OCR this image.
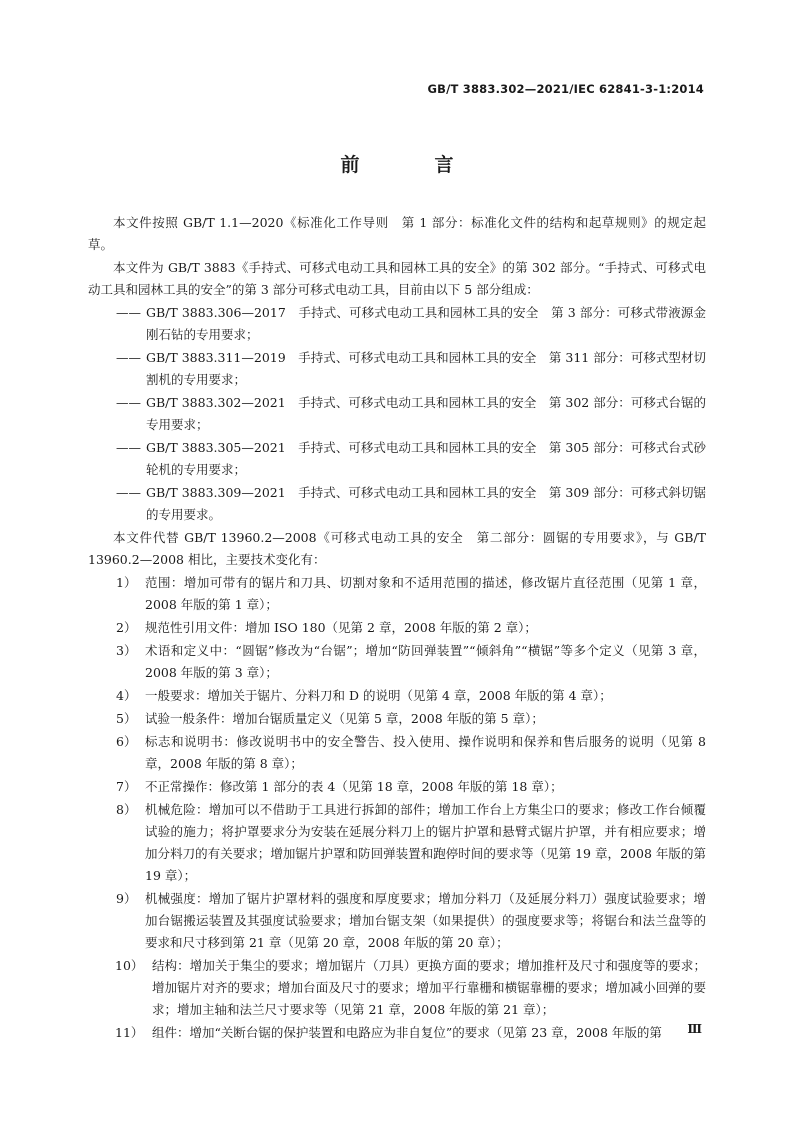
GB/T 3883.302—2021/IEC 62841-3-1:2014
前　言

本文件按照 GB/T 1.1—2020《标准化工作导则　第 1 部分：标准化文件的结构和起草规则》的规定起草。

本文件为 GB/T 3883《手持式、可移式电动工具和园林工具的安全》的第 302 部分。“手持式、可移式电动工具和园林工具的安全”的第 3 部分可移式电动工具，目前由以下 5 部分组成：

—— GB/T 3883.306—2017　手持式、可移式电动工具和园林工具的安全　第 3 部分：可移式带液源金刚石钻的专用要求；

—— GB/T 3883.311—2019　手持式、可移式电动工具和园林工具的安全　第 311 部分：可移式型材切割机的专用要求；

—— GB/T 3883.302—2021　手持式、可移式电动工具和园林工具的安全　第 302 部分：可移式台锯的专用要求；

—— GB/T 3883.305—2021　手持式、可移式电动工具和园林工具的安全　第 305 部分：可移式台式砂轮机的专用要求；

—— GB/T 3883.309—2021　手持式、可移式电动工具和园林工具的安全　第 309 部分：可移式斜切锯的专用要求。

本文件代替 GB/T 13960.2—2008《可移式电动工具的安全　第二部分：圆锯的专用要求》，与 GB/T 13960.2—2008 相比，主要技术变化有：

1） 范围：增加可带有的锯片和刀具、切割对象和不适用范围的描述，修改锯片直径范围（见第 1 章，2008 年版的第 1 章）；

2） 规范性引用文件：增加 ISO 180（见第 2 章，2008 年版的第 2 章）；

3） 术语和定义中：“圆锯”修改为“台锯”；增加“防回弹装置”“倾斜角”“横锯”等多个定义（见第 3 章，2008 年版的第 3 章）；

4） 一般要求：增加关于锯片、分料刀和 D 的说明（见第 4 章，2008 年版的第 4 章）；

5） 试验一般条件：增加台锯质量定义（见第 5 章，2008 年版的第 5 章）；

6） 标志和说明书：修改说明书中的安全警告、投入使用、操作说明和保养和售后服务的说明（见第 8 章，2008 年版的第 8 章）；

7） 不正常操作：修改第 1 部分的表 4（见第 18 章，2008 年版的第 18 章）；

8） 机械危险：增加可以不借助于工具进行拆卸的部件；增加工作台上方集尘口的要求；修改工作台倾覆试验的施力；将护罩要求分为安装在延展分料刀上的锯片护罩和悬臂式锯片护罩，并有相应要求；增加分料刀的有关要求；增加锯片护罩和防回弹装置和跑停时间的要求等（见第 19 章，2008 年版的第 19 章）；

9） 机械强度：增加了锯片护罩材料的强度和厚度要求；增加分料刀（及延展分料刀）强度试验要求；增加台锯搬运装置及其强度试验要求；增加台锯支架（如果提供）的强度要求等；将锯台和法兰盘等的要求和尺寸移到第 21 章（见第 20 章，2008 年版的第 20 章）；

10） 结构：增加关于集尘的要求；增加锯片（刀具）更换方面的要求；增加推杆及尺寸和强度等的要求；增加锯片对齐的要求；增加台面及尺寸的要求；增加平行靠栅和横锯靠栅的要求；增加减小回弹的要求；增加主轴和法兰尺寸要求等（见第 21 章，2008 年版的第 21 章）；

11） 组件：增加“关断台锯的保护装置和电路应为非自复位”的要求（见第 23 章，2008 年版的第	Ⅲ
